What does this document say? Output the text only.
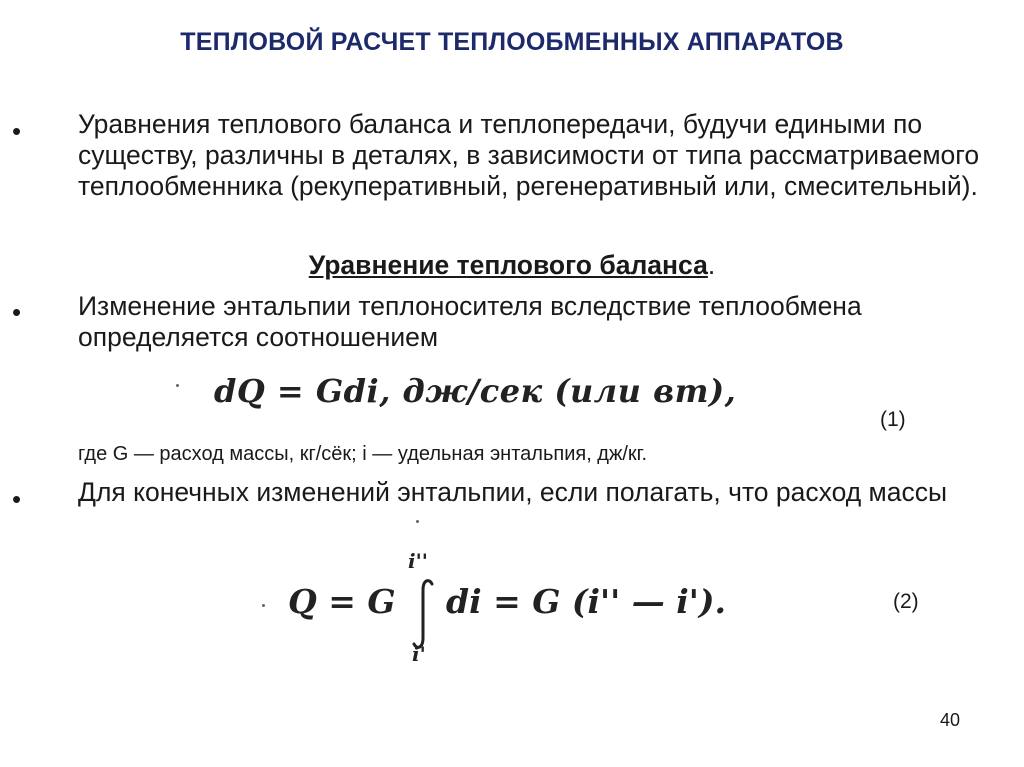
ТЕПЛОВОЙ РАСЧЕТ ТЕПЛООБМЕННЫХ АППАРАТОВ
• Уравнения теплового баланса и теплопередачи, будучи едиными по существу, различны в деталях, в зависимости от типа рассматриваемого теплообменника (рекуперативный, регенеративный или, смесительный).

Уравнение теплового баланса.
• Изменение энтальпии теплоносителя вследствие теплообмена определяется соотношением

dQ = Gdi, дж/сек (или вт),
(1)

где G — расход массы, кг/сёк; i — удельная энтальпия, дж/кг.

• Для конечных изменений энтальпии, если полагать, что расход массы

Q = G
i''
i'
di = G (i'' — i').	(2)
40
